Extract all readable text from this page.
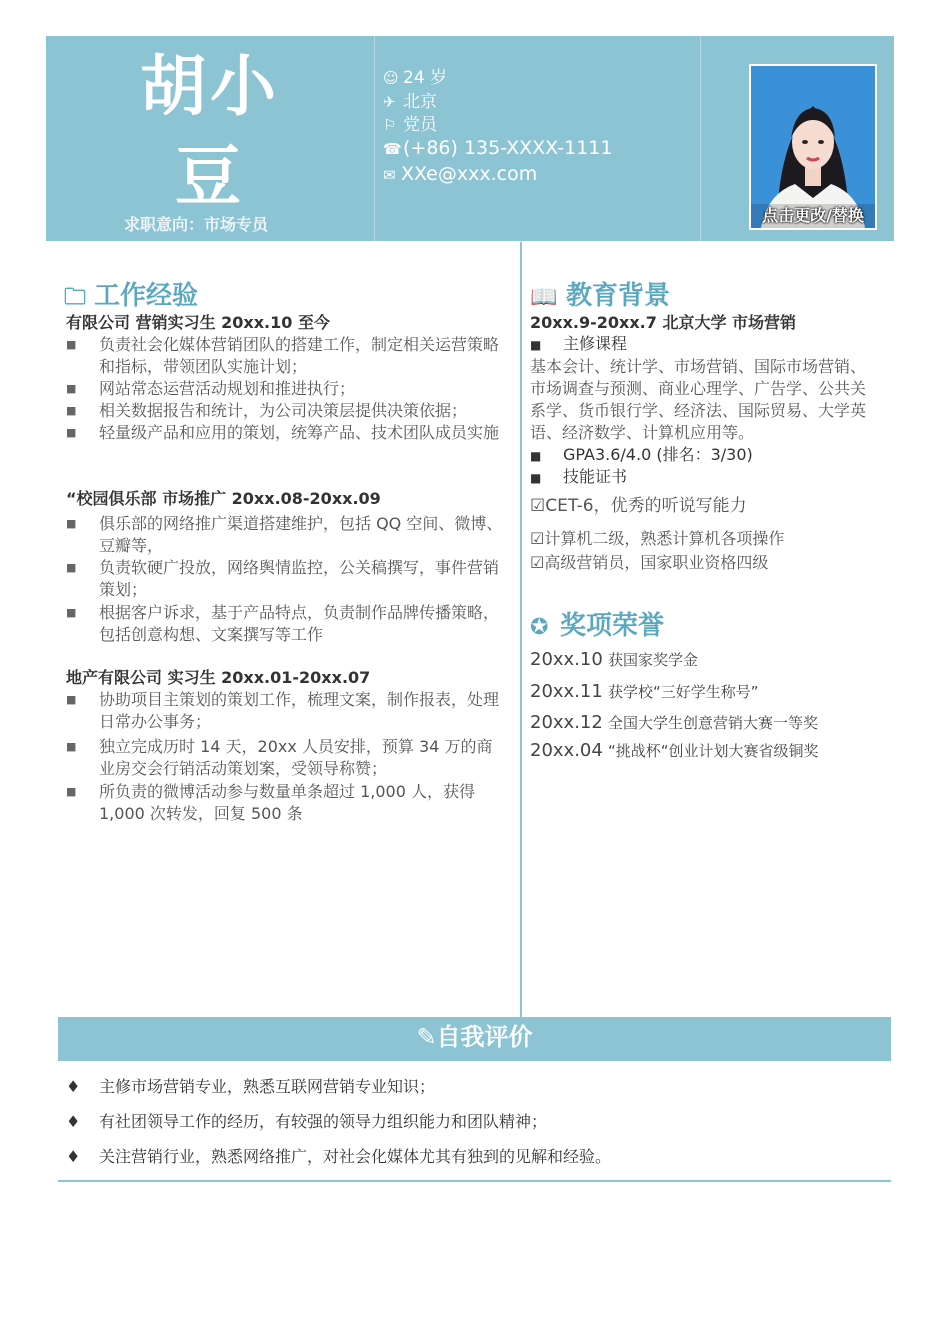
胡小豆
求职意向：市场专员
☺ 24 岁
✈ 北京
⚐ 党员
☎(+86) 135-XXXX-1111
✉ XXe@xxx.com
点击更改/替换
🗀 工作经验
有限公司 营销实习生 20xx.10 至今
■	负责社会化媒体营销团队的搭建工作，制定相关运营策略和指标，带领团队实施计划；
■	网站常态运营活动规划和推进执行；
■	相关数据报告和统计，为公司决策层提供决策依据；
■	轻量级产品和应用的策划，统筹产品、技术团队成员实施
“校园俱乐部 市场推广 20xx.08-20xx.09
■	俱乐部的网络推广渠道搭建维护，包括 QQ 空间、微博、豆瓣等，
■	负责软硬广投放，网络舆情监控，公关稿撰写，事件营销策划；
■	根据客户诉求，基于产品特点，负责制作品牌传播策略，包括创意构想、文案撰写等工作
地产有限公司 实习生 20xx.01-20xx.07
■	协助项目主策划的策划工作，梳理文案，制作报表，处理日常办公事务；
■	独立完成历时 14 天，20xx 人员安排，预算 34 万的商业房交会行销活动策划案，受领导称赞；
■	所负责的微博活动参与数量单条超过 1,000 人，获得 1,000 次转发，回复 500 条
📖 教育背景
20xx.9-20xx.7 北京大学 市场营销
■ 主修课程
基本会计、统计学、市场营销、国际市场营销、
市场调查与预测、商业心理学、广告学、公共关
系学、货币银行学、经济法、国际贸易、大学英
语、经济数学、计算机应用等。
■ GPA3.6/4.0 (排名：3/30)
■ 技能证书
☑CET-6，优秀的听说写能力
☑计算机二级，熟悉计算机各项操作
☑高级营销员，国家职业资格四级
✪ 奖项荣誉
20xx.10 获国家奖学金
20xx.11 获学校“三好学生称号”
20xx.12 全国大学生创意营销大赛一等奖
20xx.04 “挑战杯“创业计划大赛省级铜奖
✎自我评价
♦ 主修市场营销专业，熟悉互联网营销专业知识；
♦ 有社团领导工作的经历，有较强的领导力组织能力和团队精神；
♦ 关注营销行业，熟悉网络推广，对社会化媒体尤其有独到的见解和经验。
